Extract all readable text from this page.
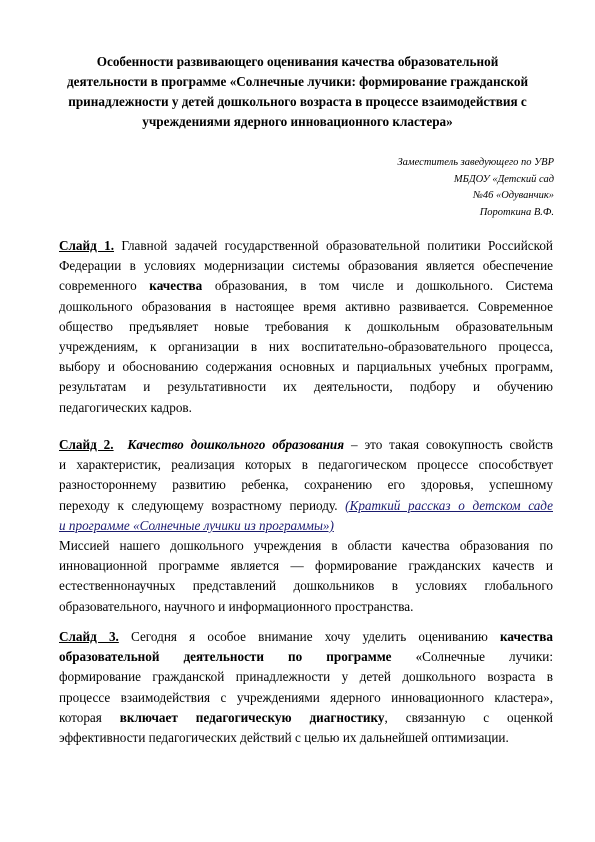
Особенности развивающего оценивания качества образовательной
деятельности в программе «Солнечные лучики: формирование гражданской
принадлежности у детей дошкольного возраста в процессе взаимодействия с
учреждениями ядерного инновационного кластера»
Заместитель заведующего по УВР
МБДОУ «Детский сад
№46 «Одуванчик»
Пороткина В.Ф.
Слайд 1. Главной задачей государственной образовательной политики Российской
Федерации в условиях модернизации системы образования является обеспечение
современного качества образования, в том числе и дошкольного. Система
дошкольного образования в настоящее время активно развивается. Современное
общество предъявляет новые требования к дошкольным образовательным
учреждениям, к организации в них воспитательно-образовательного процесса,
выбору и обоснованию содержания основных и парциальных учебных программ,
результатам и результативности их деятельности, подбору и обучению
педагогических кадров.
Слайд 2. Качество дошкольного образования – это такая совокупность свойств
и характеристик, реализация которых в педагогическом процессе способствует
разностороннему развитию ребенка, сохранению его здоровья, успешному
переходу к следующему возрастному периоду. (Краткий рассказ о детском саде
и программе «Солнечные лучики из программы»)
Миссией нашего дошкольного учреждения в области качества образования по
инновационной программе является — формирование гражданских качеств и
естественнонаучных представлений дошкольников в условиях глобального
образовательного, научного и информационного пространства.
Слайд 3. Сегодня я особое внимание хочу уделить оцениванию качества
образовательной деятельности по программе «Солнечные лучики:
формирование гражданской принадлежности у детей дошкольного возраста в
процессе взаимодействия с учреждениями ядерного инновационного кластера»,
которая включает педагогическую диагностику, связанную с оценкой
эффективности педагогических действий с целью их дальнейшей оптимизации.
